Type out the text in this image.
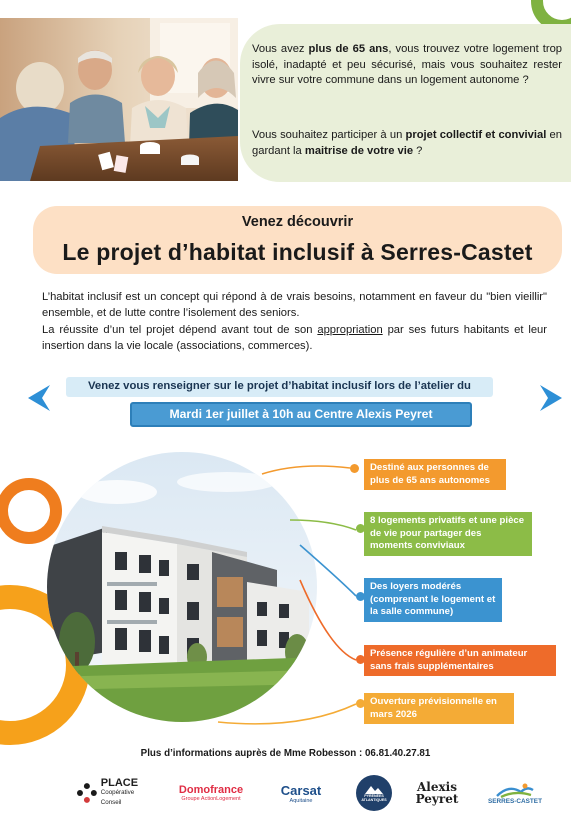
Vous avez plus de 65 ans, vous trouvez votre logement trop isolé, inadapté et peu sécurisé, mais vous souhaitez rester vivre sur votre commune dans un logement autonome ?

Vous souhaitez participer à un projet collectif et convivial en gardant la maitrise de votre vie ?

Venez découvrir
Le projet d’habitat inclusif à Serres-Castet

L’habitat inclusif est un concept qui répond à de vrais besoins, notamment en faveur du "bien vieillir" ensemble, et de lutte contre l’isolement des seniors.

La réussite d’un tel projet dépend avant tout de son appropriation par ses futurs habitants et leur insertion dans la vie locale (associations, commerces).

Venez vous renseigner sur le projet d’habitat inclusif lors de l’atelier du
Mardi 1er juillet à 10h au Centre Alexis Peyret
Destiné aux personnes de plus de 65 ans autonomes
8 logements privatifs et une pièce de vie pour partager des moments conviviaux
Des loyers modérés (comprenant le logement et la salle commune)
Présence régulière d’un animateur sans frais supplémentaires
Ouverture prévisionnelle en mars 2026
Plus d’informations auprès de Mme Robesson : 06.81.40.27.81
PLACE
Coopérative Conseil
Domofrance
Groupe ActionLogement
Carsat
Aquitaine
PYRÉNÉES ATLANTIQUES
Alexis
Peyret	SERRES-CASTET
